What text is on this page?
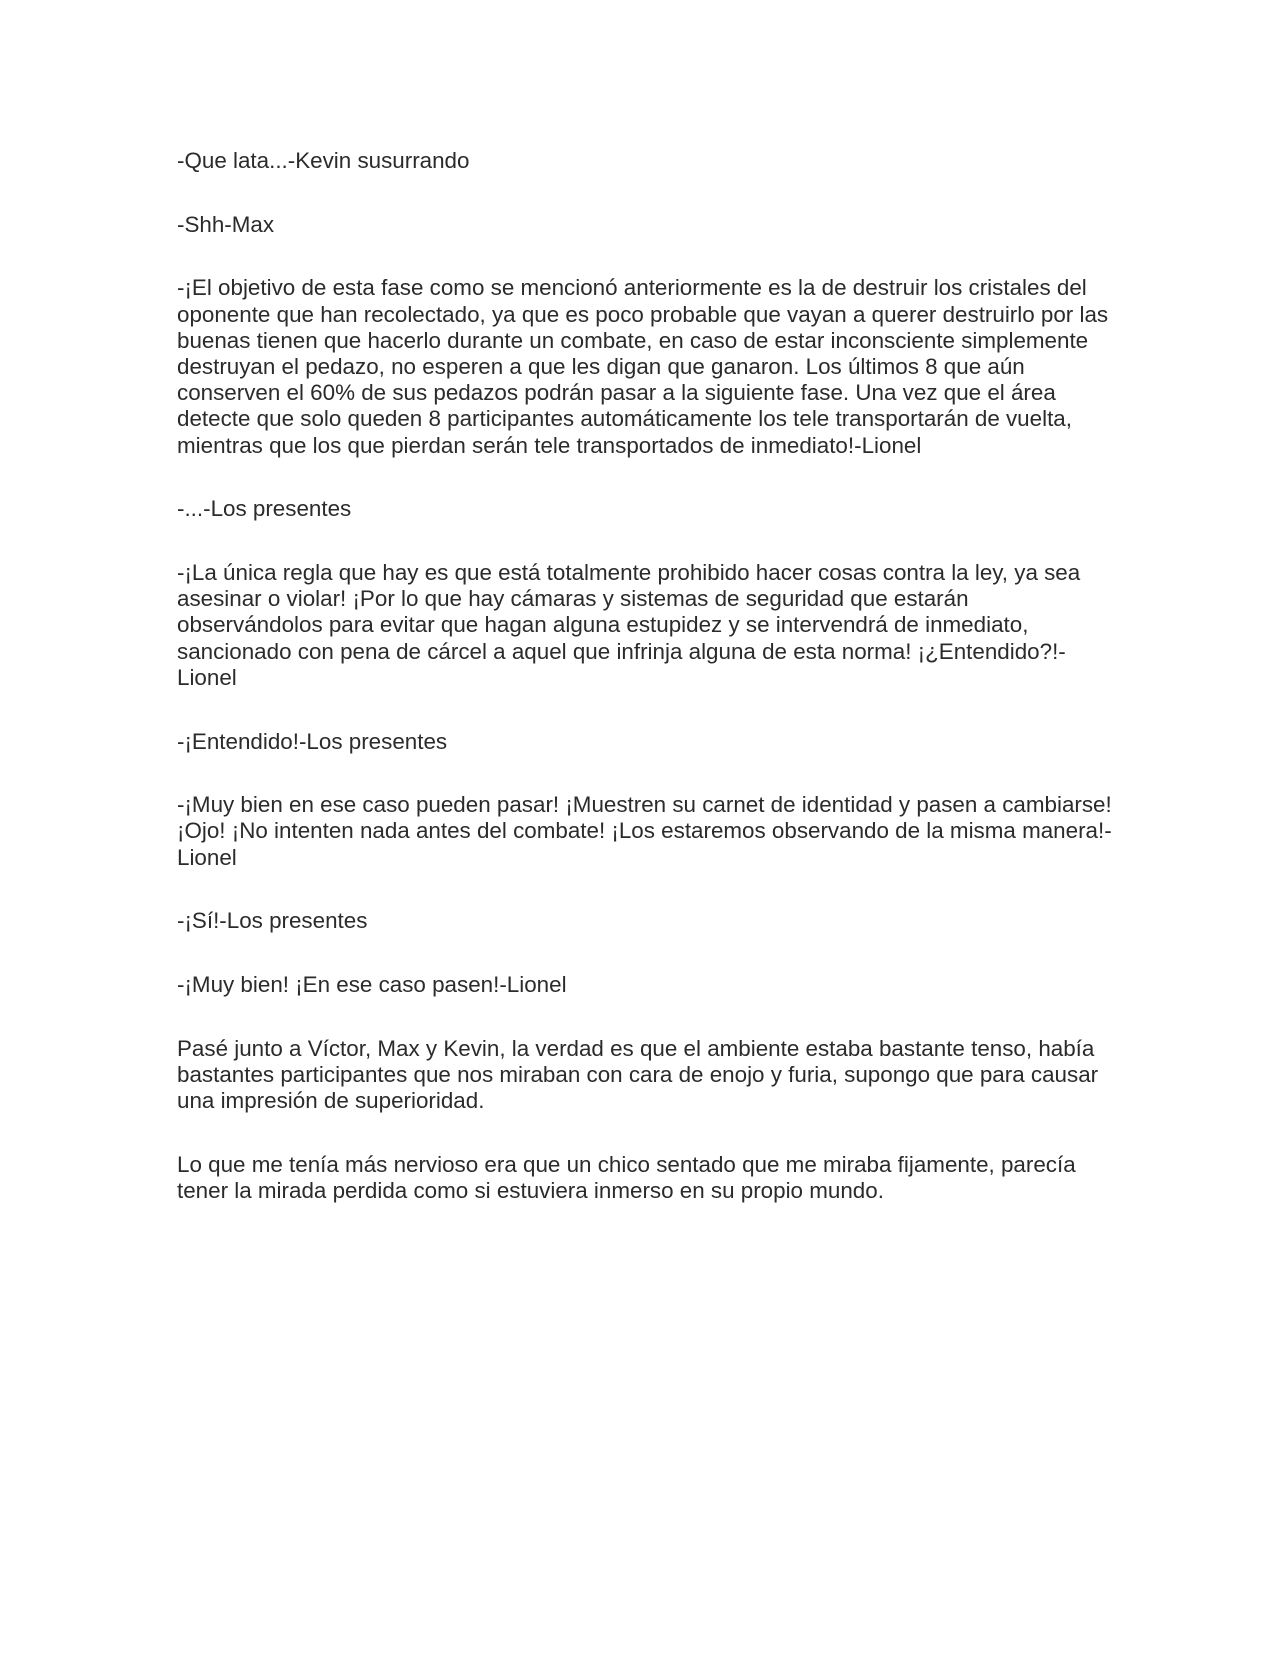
-Que lata...-Kevin susurrando

-Shh-Max

-¡El objetivo de esta fase como se mencionó anteriormente es la de destruir los cristales del oponente que han recolectado, ya que es poco probable que vayan a querer destruirlo por las buenas tienen que hacerlo durante un combate, en caso de estar inconsciente simplemente destruyan el pedazo, no esperen a que les digan que ganaron. Los últimos 8 que aún conserven el 60% de sus pedazos podrán pasar a la siguiente fase. Una vez que el área detecte que solo queden 8 participantes automáticamente los tele transportarán de vuelta, mientras que los que pierdan serán tele transportados de inmediato!-Lionel

-...-Los presentes

-¡La única regla que hay es que está totalmente prohibido hacer cosas contra la ley, ya sea asesinar o violar! ¡Por lo que hay cámaras y sistemas de seguridad que estarán observándolos para evitar que hagan alguna estupidez y se intervendrá de inmediato, sancionado con pena de cárcel a aquel que infrinja alguna de esta norma! ¡¿Entendido?!-Lionel

-¡Entendido!-Los presentes

-¡Muy bien en ese caso pueden pasar! ¡Muestren su carnet de identidad y pasen a cambiarse! ¡Ojo! ¡No intenten nada antes del combate! ¡Los estaremos observando de la misma manera!-Lionel

-¡Sí!-Los presentes

-¡Muy bien! ¡En ese caso pasen!-Lionel

Pasé junto a Víctor, Max y Kevin, la verdad es que el ambiente estaba bastante tenso, había bastantes participantes que nos miraban con cara de enojo y furia, supongo que para causar una impresión de superioridad.

Lo que me tenía más nervioso era que un chico sentado que me miraba fijamente, parecía tener la mirada perdida como si estuviera inmerso en su propio mundo.
